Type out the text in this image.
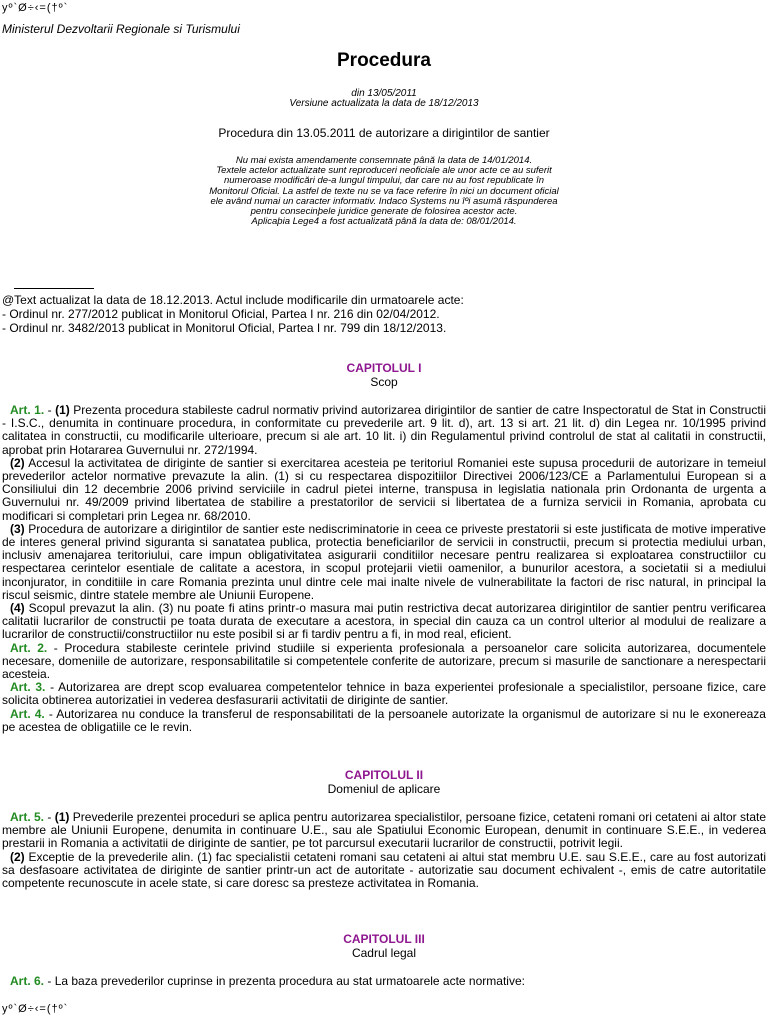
yº`Ø÷‹=(†º`
Ministerul Dezvoltarii Regionale si Turismului
Procedura
din 13/05/2011
Versiune actualizata la data de 18/12/2013
Procedura din 13.05.2011 de autorizare a dirigintilor de santier
Nu mai exista amendamente consemnate până la data de 14/01/2014.
Textele actelor actualizate sunt reproduceri neoficiale ale unor acte ce au suferit
numeroase modificări de-a lungul timpului, dar care nu au fost republicate în
Monitorul Oficial. La astfel de texte nu se va face referire în nici un document oficial
ele având numai un caracter informativ. Indaco Systems nu îºi asumă răspunderea
pentru consecinþele juridice generate de folosirea acestor acte.
Aplicaþia Lege4 a fost actualizată până la data de: 08/01/2014.
@Text actualizat la data de 18.12.2013. Actul include modificarile din urmatoarele acte:
- Ordinul nr. 277/2012 publicat in Monitorul Oficial, Partea I nr. 216 din 02/04/2012.
- Ordinul nr. 3482/2013 publicat in Monitorul Oficial, Partea I nr. 799 din 18/12/2013.
CAPITOLUL I
Scop

Art. 1. - (1) Prezenta procedura stabileste cadrul normativ privind autorizarea dirigintilor de santier de catre Inspectoratul de Stat in Constructii - I.S.C., denumita in continuare procedura, in conformitate cu prevederile art. 9 lit. d), art. 13 si art. 21 lit. d) din Legea nr. 10/1995 privind calitatea in constructii, cu modificarile ulterioare, precum si ale art. 10 lit. i) din Regulamentul privind controlul de stat al calitatii in constructii, aprobat prin Hotararea Guvernului nr. 272/1994.

(2) Accesul la activitatea de diriginte de santier si exercitarea acesteia pe teritoriul Romaniei este supusa procedurii de autorizare in temeiul prevederilor actelor normative prevazute la alin. (1) si cu respectarea dispozitiilor Directivei 2006/123/CE a Parlamentului European si a Consiliului din 12 decembrie 2006 privind serviciile in cadrul pietei interne, transpusa in legislatia nationala prin Ordonanta de urgenta a Guvernului nr. 49/2009 privind libertatea de stabilire a prestatorilor de servicii si libertatea de a furniza servicii in Romania, aprobata cu modificari si completari prin Legea nr. 68/2010.

(3) Procedura de autorizare a dirigintilor de santier este nediscriminatorie in ceea ce priveste prestatorii si este justificata de motive imperative de interes general privind siguranta si sanatatea publica, protectia beneficiarilor de servicii in constructii, precum si protectia mediului urban, inclusiv amenajarea teritoriului, care impun obligativitatea asigurarii conditiilor necesare pentru realizarea si exploatarea constructiilor cu respectarea cerintelor esentiale de calitate a acestora, in scopul protejarii vietii oamenilor, a bunurilor acestora, a societatii si a mediului inconjurator, in conditiile in care Romania prezinta unul dintre cele mai inalte nivele de vulnerabilitate la factori de risc natural, in principal la riscul seismic, dintre statele membre ale Uniunii Europene.

(4) Scopul prevazut la alin. (3) nu poate fi atins printr-o masura mai putin restrictiva decat autorizarea dirigintilor de santier pentru verificarea calitatii lucrarilor de constructii pe toata durata de executare a acestora, in special din cauza ca un control ulterior al modului de realizare a lucrarilor de constructii/constructiilor nu este posibil si ar fi tardiv pentru a fi, in mod real, eficient.

Art. 2. - Procedura stabileste cerintele privind studiile si experienta profesionala a persoanelor care solicita autorizarea, documentele necesare, domeniile de autorizare, responsabilitatile si competentele conferite de autorizare, precum si masurile de sanctionare a nerespectarii acesteia.

Art. 3. - Autorizarea are drept scop evaluarea competentelor tehnice in baza experientei profesionale a specialistilor, persoane fizice, care solicita obtinerea autorizatiei in vederea desfasurarii activitatii de diriginte de santier.

Art. 4. - Autorizarea nu conduce la transferul de responsabilitati de la persoanele autorizate la organismul de autorizare si nu le exonereaza pe acestea de obligatiile ce le revin.

CAPITOLUL II
Domeniul de aplicare

Art. 5. - (1) Prevederile prezentei proceduri se aplica pentru autorizarea specialistilor, persoane fizice, cetateni romani ori cetateni ai altor state membre ale Uniunii Europene, denumita in continuare U.E., sau ale Spatiului Economic European, denumit in continuare S.E.E., in vederea prestarii in Romania a activitatii de diriginte de santier, pe tot parcursul executarii lucrarilor de constructii, potrivit legii.

(2) Exceptie de la prevederile alin. (1) fac specialistii cetateni romani sau cetateni ai altui stat membru U.E. sau S.E.E., care au fost autorizati sa desfasoare activitatea de diriginte de santier printr-un act de autoritate - autorizatie sau document echivalent -, emis de catre autoritatile competente recunoscute in acele state, si care doresc sa presteze activitatea in Romania.

CAPITOLUL III
Cadrul legal

Art. 6. - La baza prevederilor cuprinse in prezenta procedura au stat urmatoarele acte normative:

yº`Ø÷‹=(†º`
